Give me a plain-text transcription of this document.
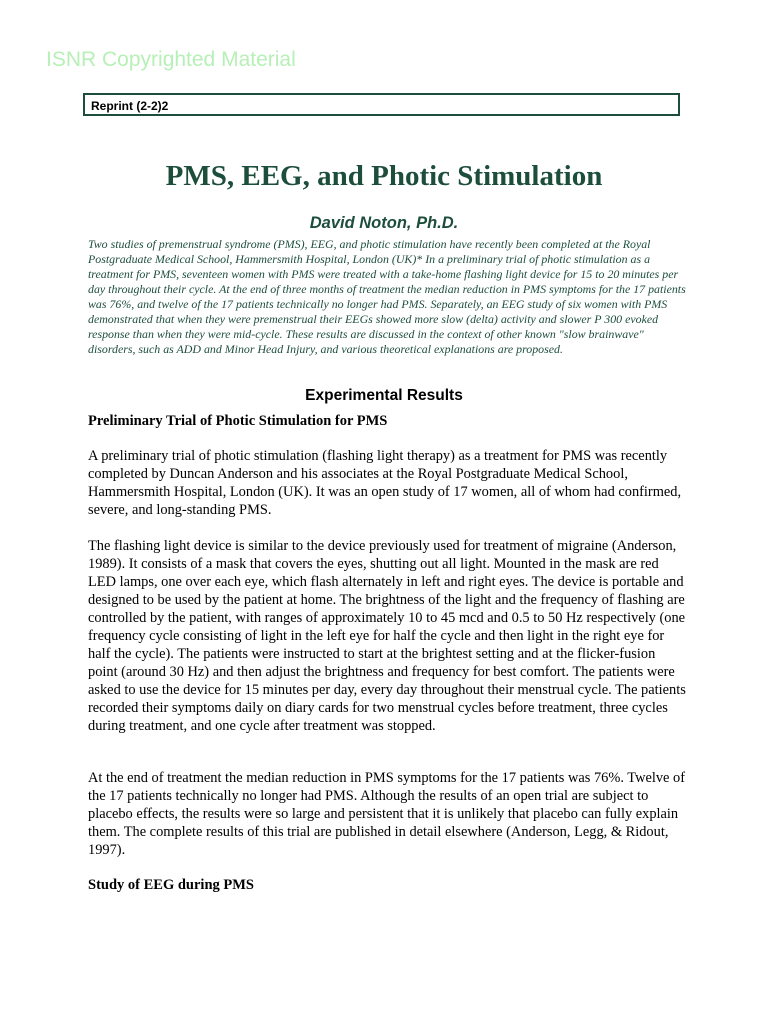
ISNR Copyrighted Material
Reprint (2-2)2
PMS, EEG, and Photic Stimulation
David Noton, Ph.D.

Two studies of premenstrual syndrome (PMS), EEG, and photic stimulation have recently been completed at the Royal Postgraduate Medical School, Hammersmith Hospital, London (UK)* In a preliminary trial of photic stimulation as a treatment for PMS, seventeen women with PMS were treated with a take-home flashing light device for 15 to 20 minutes per day throughout their cycle. At the end of three months of treatment the median reduction in PMS symptoms for the 17 patients was 76%, and twelve of the 17 patients technically no longer had PMS. Separately, an EEG study of six women with PMS demonstrated that when they were premenstrual their EEGs showed more slow (delta) activity and slower P 300 evoked response than when they were mid-cycle. These results are discussed in the context of other known "slow brainwave" disorders, such as ADD and Minor Head Injury, and various theoretical explanations are proposed.

Experimental Results
Preliminary Trial of Photic Stimulation for PMS

A preliminary trial of photic stimulation (flashing light therapy) as a treatment for PMS was recently completed by Duncan Anderson and his associates at the Royal Postgraduate Medical School, Hammersmith Hospital, London (UK). It was an open study of 17 women, all of whom had confirmed, severe, and long-standing PMS.

The flashing light device is similar to the device previously used for treatment of migraine (Anderson, 1989). It consists of a mask that covers the eyes, shutting out all light. Mounted in the mask are red LED lamps, one over each eye, which flash alternately in left and right eyes. The device is portable and designed to be used by the patient at home. The brightness of the light and the frequency of flashing are controlled by the patient, with ranges of approximately 10 to 45 mcd and 0.5 to 50 Hz respectively (one frequency cycle consisting of light in the left eye for half the cycle and then light in the right eye for half the cycle). The patients were instructed to start at the brightest setting and at the flicker-fusion point (around 30 Hz) and then adjust the brightness and frequency for best comfort. The patients were asked to use the device for 15 minutes per day, every day throughout their menstrual cycle. The patients recorded their symptoms daily on diary cards for two menstrual cycles before treatment, three cycles during treatment, and one cycle after treatment was stopped.

At the end of treatment the median reduction in PMS symptoms for the 17 patients was 76%. Twelve of the 17 patients technically no longer had PMS. Although the results of an open trial are subject to placebo effects, the results were so large and persistent that it is unlikely that placebo can fully explain them. The complete results of this trial are published in detail elsewhere (Anderson, Legg, & Ridout, 1997).

Study of EEG during PMS
